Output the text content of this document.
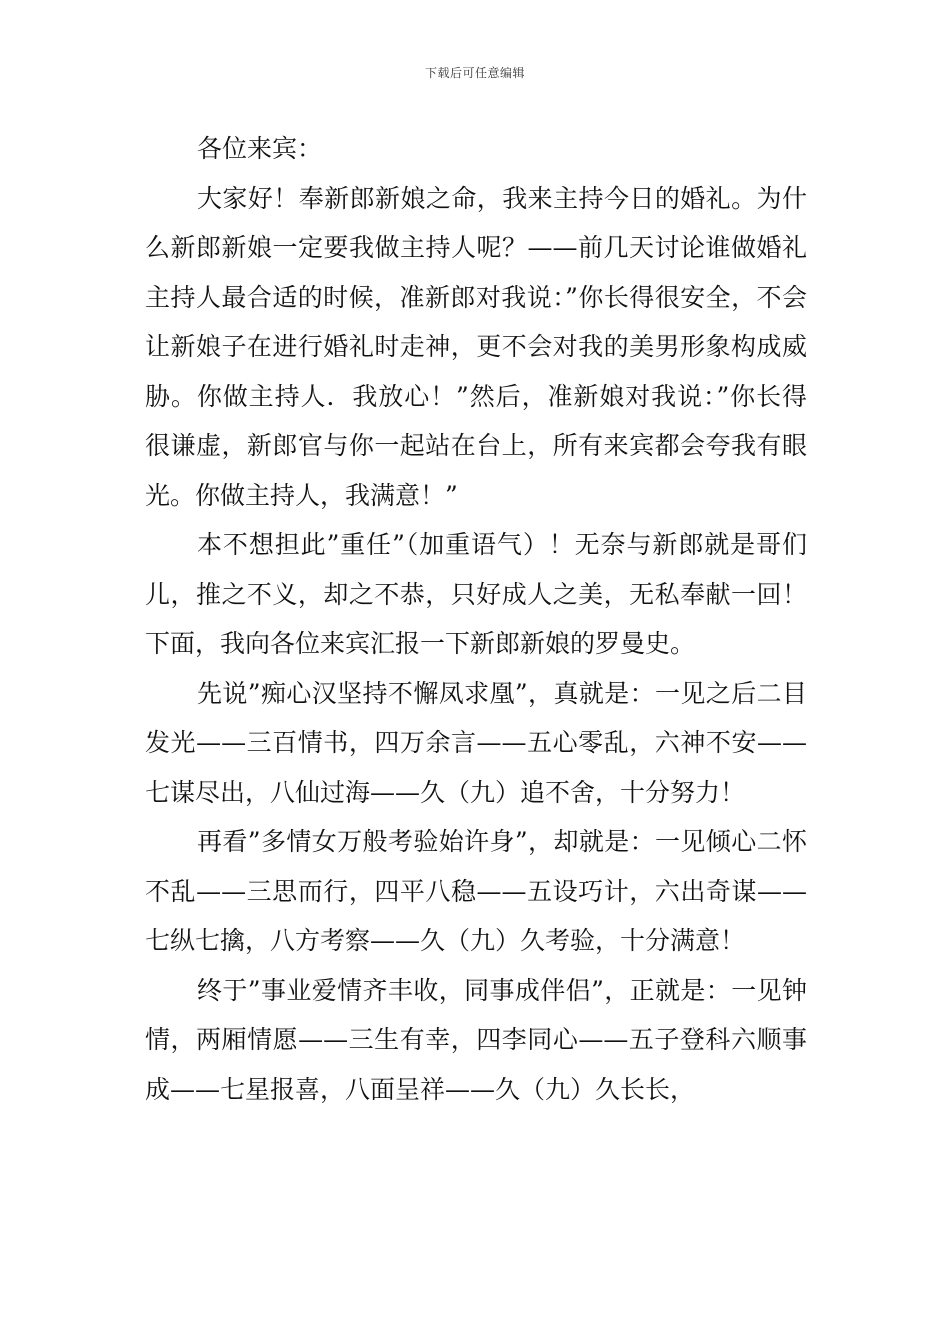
下载后可任意编辑

各位来宾：

大家好！奉新郎新娘之命，我来主持今日的婚礼。为什么新郎新娘一定要我做主持人呢？——前几天讨论谁做婚礼主持人最合适的时候，准新郎对我说：”你长得很安全，不会让新娘子在进行婚礼时走神，更不会对我的美男形象构成威胁。你做主持人．我放心！”然后，准新娘对我说：”你长得很谦虚，新郎官与你一起站在台上，所有来宾都会夸我有眼光。你做主持人，我满意！”

本不想担此”重任”（加重语气）！无奈与新郎就是哥们儿，推之不义，却之不恭，只好成人之美，无私奉献一回！下面，我向各位来宾汇报一下新郎新娘的罗曼史。

先说”痴心汉坚持不懈凤求凰”，真就是：一见之后二目发光——三百情书，四万余言——五心零乱，六神不安——七谋尽出，八仙过海——久（九）追不舍，十分努力！

再看”多情女万般考验始许身”，却就是：一见倾心二怀不乱——三思而行，四平八稳——五设巧计，六出奇谋——七纵七擒，八方考察——久（九）久考验，十分满意！

终于”事业爱情齐丰收，同事成伴侣”，正就是：一见钟情，两厢情愿——三生有幸，四李同心——五子登科六顺事成——七星报喜，八面呈祥——久（九）久长长，
